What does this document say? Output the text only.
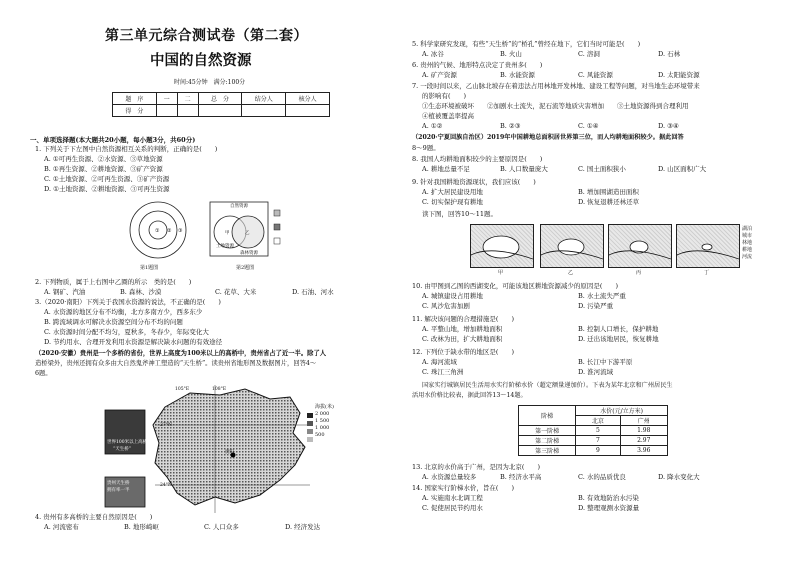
第三单元综合测试卷（第二套）
中国的自然资源
时间:45分钟　满分:100分
题　序	一	二	总　分	结分人	核分人
得　分					
一、单项选择题(本大题共20小题，每小题3分，共60分)
1. 下列关于下左图中自然资源相互关系的判断，正确的是(　　)
A. ①可再生资源、②水资源、③草地资源
B. ①再生资源、②耕地资源、③矿产资源
C. ①土地资源、②可再生资源、③矿产资源
D. ①土地资源、②耕地资源、③可再生资源
① ② ③
第1题图
自然资源
甲	乙
土地资源
森林资源
第2题图
2. 下列物质，属于上右图中乙圈的所示　类的是(　　)
A. 钢矿、汽油	B. 森林、沙漠	C. 花草、大米	D. 石油、河水
3.（2020·南阳）下列关于我国水资源的说法，不正确的是(　　)
A. 水资源的地区分布不均衡，北方多南方少，西多东少
B. 跨流域调水可解决水资源空间分布不均的问题
C. 水资源时间分配不均匀，夏秋多，冬春少，年际变化大
D. 节约用水、合理开发利用水资源是解决缺水问题的有效途径
（2020·安徽）贵州是一个多桥的省份，世界上高度为100米以上的高桥中，贵州省占了近一半。除了人
造桥梁外，贵州还拥有众多由大自然鬼斧神工塑造的“天生桥”。读贵州省地形图及数据图片，回答4～
6题。
世界100米以上高桥中
“天生桥”
贵州天生桥
拥有率一半
105°E	108°E
27°N
24°N
贵阳
海拔(米)
2 000
1 500
1 000
500
4. 贵州有多高桥的主要自然原因是(　　)
A. 河流密布	B. 地形崎岖	C. 人口众多	D. 经济发达
5. 科学家研究发现，有些“天生桥”的“桥孔”曾经在地下，它们当时可能是(　　)
A. 冰谷	B. 火山	C. 溶洞	D. 石林
6. 贵州的气候、地形特点决定了贵州多(　　)
A. 矿产资源	B. 水能资源	C. 风能资源	D. 太阳能资源
7. 一段时间以来，乙山脉北坡存在着违法占用林地开发林地、建设工程等问题，对当地生态环境带来
的影响有(　　)
①生态环境被破坏　　②加剧水土流失，泥石流等地质灾害增加　　③土地资源得到合理利用
④植被覆盖率提高
A. ①②	B. ②③	C. ①④	D. ③④
（2020·宁夏回族自治区）2019年中国耕地总面积居世界第三位，而人均耕地面积较少。据此回答
8～9题。
8. 我国人均耕地面积较少的主要原因是(　　)
A. 耕地总量不足	B. 人口数量庞大	C. 国土面积狭小	D. 山区面积广大
9. 针对我国耕地资源现状，我们应该(　　)
A. 扩大居民建设用地	B. 增加围湖造田面积
C. 切实保护现有耕地	D. 恢复退耕还林还草
读下图，回答10～11题。
甲	乙	丙	丁
湖泊
城市
林地
耕地
河流
10. 由甲图到乙图的西湖变化，可能该地区耕地资源减少的原因是(　　)
A. 城镇建设占用耕地	B. 水土流失严重
C. 风沙危害加剧	D. 污染严重
11. 解决该问题的合理措施是(　　)
A. 平整山地，增加耕地面积	B. 控制人口增长，保护耕地
C. 改林为田，扩大耕地面积	D. 迁出该地居民，恢复耕地
12. 下列位于缺水带的地区是(　　)
A. 海河流域	B. 长江中下游平原
C. 珠江三角洲	D. 淮河流域
国家实行城镇居民生活用水实行阶梯水价（超定额量递加价）。下表为某年北京和广州居民生
活用水价格比较表，据此回答13～14题。
阶梯	水价(元/立方米)	
	北京	广州
第一阶梯	5	1.98
第二阶梯	7	2.97
第三阶梯	9	3.96
13. 北京的水价高于广州，是因为北京(　　)
A. 水资源总量较多	B. 经济水平高	C. 水的品质优良	D. 降水变化大
14. 国家实行阶梯水价，旨在(　　)
A. 实施南水北调工程	B. 有效地防治水污染
C. 促使居民节约用水	D. 整理观测水资源量
